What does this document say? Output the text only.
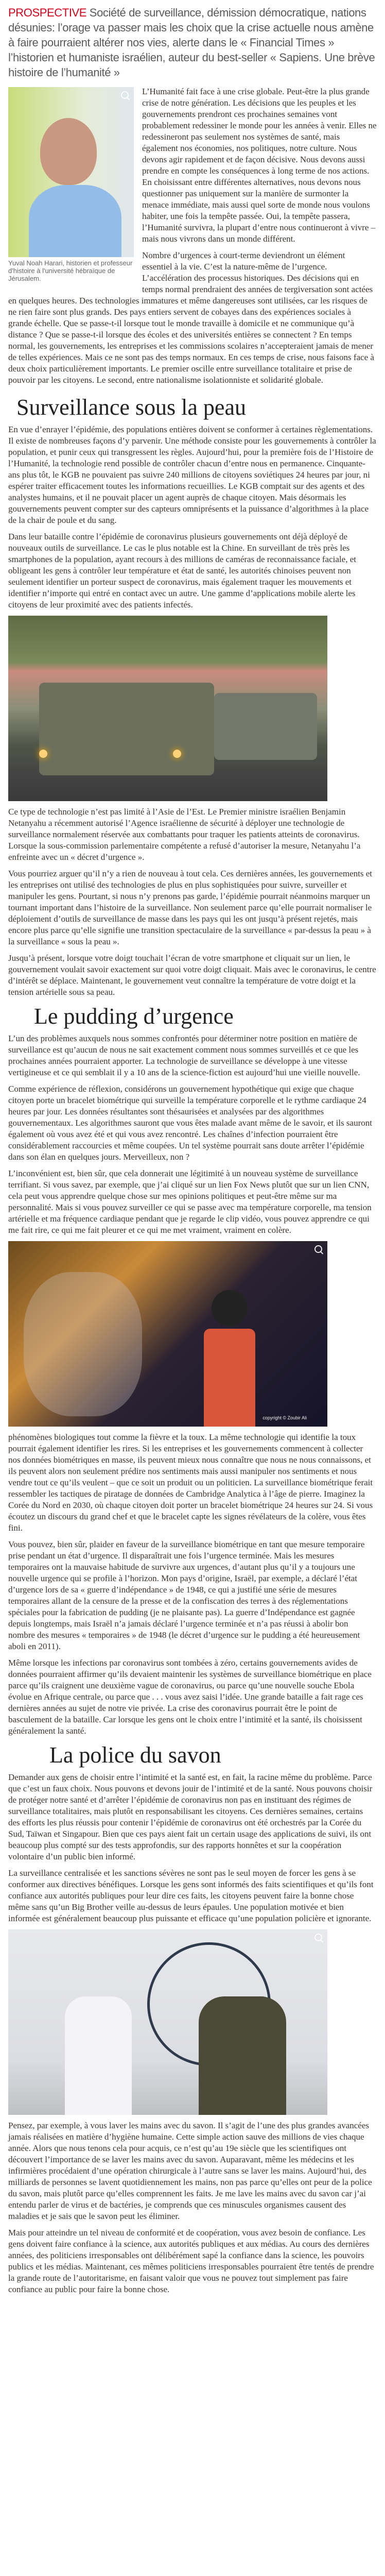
PROSPECTIVE Société de surveillance, démission démocratique, nations désunies: l’orage va passer mais les choix que la crise actuelle nous amène à faire pourraient altérer nos vies, alerte dans le « Financial Times » l’historien et humaniste israélien, auteur du best-seller « Sapiens. Une brève histoire de l’humanité »

Yuval Noah Harari, historien et professeur d'histoire à l'université hébraïque de Jérusalem.

L’Humanité fait face à une crise globale. Peut-être la plus grande crise de notre génération. Les décisions que les peuples et les gouvernements prendront ces prochaines semaines vont probablement redessiner le monde pour les années à venir. Elles ne redessineront pas seulement nos systèmes de santé, mais également nos économies, nos politiques, notre culture. Nous devons agir rapidement et de façon décisive. Nous devons aussi prendre en compte les conséquences à long terme de nos actions. En choisissant entre différentes alternatives, nous devons nous questionner pas uniquement sur la manière de surmonter la menace immédiate, mais aussi quel sorte de monde nous voulons habiter, une fois la tempête passée. Oui, la tempête passera, l’Humanité survivra, la plupart d’entre nous continueront à vivre – mais nous vivrons dans un monde différent.

Nombre d’urgences à court-terme deviendront un élément essentiel à la vie. C’est la nature-même de l’urgence. L’accélération des processus historiques. Des décisions qui en temps normal prendraient des années de tergiversation sont actées en quelques heures. Des technologies immatures et même dangereuses sont utilisées, car les risques de ne rien faire sont plus grands. Des pays entiers servent de cobayes dans des expériences sociales à grande échelle. Que se passe-t-il lorsque tout le monde travaille à domicile et ne communique qu’à distance ? Que se passe-t-il lorsque des écoles et des universités entières se connectent ? En temps normal, les gouvernements, les entreprises et les commissions scolaires n’accepteraient jamais de mener de telles expériences. Mais ce ne sont pas des temps normaux. En ces temps de crise, nous faisons face à deux choix particulièrement importants. Le premier oscille entre surveillance totalitaire et prise de pouvoir par les citoyens. Le second, entre nationalisme isolationniste et solidarité globale.

Surveillance sous la peau

En vue d’enrayer l’épidémie, des populations entières doivent se conformer à certaines règlementations. Il existe de nombreuses façons d’y parvenir. Une méthode consiste pour les gouvernements à contrôler la population, et punir ceux qui transgressent les règles. Aujourd’hui, pour la première fois de l’Histoire de l’Humanité, la technologie rend possible de contrôler chacun d’entre nous en permanence. Cinquante-ans plus tôt, le KGB ne pouvaient pas suivre 240 millions de citoyens soviétiques 24 heures par jour, ni espérer traiter efficacement toutes les informations recueillies. Le KGB comptait sur des agents et des analystes humains, et il ne pouvait placer un agent auprès de chaque citoyen. Mais désormais les gouvernements peuvent compter sur des capteurs omniprésents et la puissance d’algorithmes à la place de la chair de poule et du sang.

Dans leur bataille contre l’épidémie de coronavirus plusieurs gouvernements ont déjà déployé de nouveaux outils de surveillance. Le cas le plus notable est la Chine. En surveillant de très près les smartphones de la population, ayant recours à des millions de caméras de reconnaissance faciale, et obligeant les gens à contrôler leur température et état de santé, les autorités chinoises peuvent non seulement identifier un porteur suspect de coronavirus, mais également traquer les mouvements et identifier n’importe qui entré en contact avec un autre. Une gamme d’applications mobile alerte les citoyens de leur proximité avec des patients infectés.

Ce type de technologie n’est pas limité à l’Asie de l’Est. Le Premier ministre israélien Benjamin Netanyahu a récemment autorisé l’Agence israélienne de sécurité à déployer une technologie de surveillance normalement réservée aux combattants pour traquer les patients atteints de coronavirus. Lorsque la sous-commission parlementaire compétente a refusé d’autoriser la mesure, Netanyahu l’a enfreinte avec un « décret d’urgence ».

Vous pourriez arguer qu’il n’y a rien de nouveau à tout cela. Ces dernières années, les gouvernements et les entreprises ont utilisé des technologies de plus en plus sophistiquées pour suivre, surveiller et manipuler les gens. Pourtant, si nous n’y prenons pas garde, l’épidémie pourrait néanmoins marquer un tournant important dans l’histoire de la surveillance. Non seulement parce qu’elle pourrait normaliser le déploiement d’outils de surveillance de masse dans les pays qui les ont jusqu’à présent rejetés, mais encore plus parce qu’elle signifie une transition spectaculaire de la surveillance « par-dessus la peau » à la surveillance « sous la peau ».

Jusqu’à présent, lorsque votre doigt touchait l’écran de votre smartphone et cliquait sur un lien, le gouvernement voulait savoir exactement sur quoi votre doigt cliquait. Mais avec le coronavirus, le centre d’intérêt se déplace. Maintenant, le gouvernement veut connaître la température de votre doigt et la tension artérielle sous sa peau.

Le pudding d’urgence

L’un des problèmes auxquels nous sommes confrontés pour déterminer notre position en matière de surveillance est qu’aucun de nous ne sait exactement comment nous sommes surveillés et ce que les prochaines années pourraient apporter. La technologie de surveillance se développe à une vitesse vertigineuse et ce qui semblait il y a 10 ans de la science-fiction est aujourd’hui une vieille nouvelle.

Comme expérience de réflexion, considérons un gouvernement hypothétique qui exige que chaque citoyen porte un bracelet biométrique qui surveille la température corporelle et le rythme cardiaque 24 heures par jour. Les données résultantes sont thésaurisées et analysées par des algorithmes gouvernementaux. Les algorithmes sauront que vous êtes malade avant même de le savoir, et ils sauront également où vous avez été et qui vous avez rencontré. Les chaînes d’infection pourraient être considérablement raccourcies et même coupées. Un tel système pourrait sans doute arrêter l’épidémie dans son élan en quelques jours. Merveilleux, non ?

L’inconvénient est, bien sûr, que cela donnerait une légitimité à un nouveau système de surveillance terrifiant. Si vous savez, par exemple, que j’ai cliqué sur un lien Fox News plutôt que sur un lien CNN, cela peut vous apprendre quelque chose sur mes opinions politiques et peut-être même sur ma personnalité. Mais si vous pouvez surveiller ce qui se passe avec ma température corporelle, ma tension artérielle et ma fréquence cardiaque pendant que je regarde le clip vidéo, vous pouvez apprendre ce qui me fait rire, ce qui me fait pleurer et ce qui me met vraiment, vraiment en colère.

copyright © Zoubir Ali

phénomènes biologiques tout comme la fièvre et la toux. La même technologie qui identifie la toux pourrait également identifier les rires. Si les entreprises et les gouvernements commencent à collecter nos données biométriques en masse, ils peuvent mieux nous connaître que nous ne nous connaissons, et ils peuvent alors non seulement prédire nos sentiments mais aussi manipuler nos sentiments et nous vendre tout ce qu’ils veulent – que ce soit un produit ou un politicien. La surveillance biométrique ferait ressembler les tactiques de piratage de données de Cambridge Analytica à l’âge de pierre. Imaginez la Corée du Nord en 2030, où chaque citoyen doit porter un bracelet biométrique 24 heures sur 24. Si vous écoutez un discours du grand chef et que le bracelet capte les signes révélateurs de la colère, vous êtes fini.

Vous pouvez, bien sûr, plaider en faveur de la surveillance biométrique en tant que mesure temporaire prise pendant un état d’urgence. Il disparaîtrait une fois l’urgence terminée. Mais les mesures temporaires ont la mauvaise habitude de survivre aux urgences, d’autant plus qu’il y a toujours une nouvelle urgence qui se profile à l’horizon. Mon pays d’origine, Israël, par exemple, a déclaré l’état d’urgence lors de sa « guerre d’indépendance » de 1948, ce qui a justifié une série de mesures temporaires allant de la censure de la presse et de la confiscation des terres à des réglementations spéciales pour la fabrication de pudding (je ne plaisante pas). La guerre d’Indépendance est gagnée depuis longtemps, mais Israël n’a jamais déclaré l’urgence terminée et n’a pas réussi à abolir bon nombre des mesures « temporaires » de 1948 (le décret d’urgence sur le pudding a été heureusement aboli en 2011).

Même lorsque les infections par coronavirus sont tombées à zéro, certains gouvernements avides de données pourraient affirmer qu’ils devaient maintenir les systèmes de surveillance biométrique en place parce qu’ils craignent une deuxième vague de coronavirus, ou parce qu’une nouvelle souche Ebola évolue en Afrique centrale, ou parce que . . . vous avez saisi l’idée. Une grande bataille a fait rage ces dernières années au sujet de notre vie privée. La crise des coronavirus pourrait être le point de basculement de la bataille. Car lorsque les gens ont le choix entre l’intimité et la santé, ils choisissent généralement la santé.

La police du savon

Demander aux gens de choisir entre l’intimité et la santé est, en fait, la racine même du problème. Parce que c’est un faux choix. Nous pouvons et devons jouir de l’intimité et de la santé. Nous pouvons choisir de protéger notre santé et d’arrêter l’épidémie de coronavirus non pas en instituant des régimes de surveillance totalitaires, mais plutôt en responsabilisant les citoyens. Ces dernières semaines, certains des efforts les plus réussis pour contenir l’épidémie de coronavirus ont été orchestrés par la Corée du Sud, Taïwan et Singapour. Bien que ces pays aient fait un certain usage des applications de suivi, ils ont beaucoup plus compté sur des tests approfondis, sur des rapports honnêtes et sur la coopération volontaire d’un public bien informé.

La surveillance centralisée et les sanctions sévères ne sont pas le seul moyen de forcer les gens à se conformer aux directives bénéfiques. Lorsque les gens sont informés des faits scientifiques et qu’ils font confiance aux autorités publiques pour leur dire ces faits, les citoyens peuvent faire la bonne chose même sans qu’un Big Brother veille au-dessus de leurs épaules. Une population motivée et bien informée est généralement beaucoup plus puissante et efficace qu’une population policière et ignorante.

Pensez, par exemple, à vous laver les mains avec du savon. Il s’agit de l’une des plus grandes avancées jamais réalisées en matière d’hygiène humaine. Cette simple action sauve des millions de vies chaque année. Alors que nous tenons cela pour acquis, ce n’est qu’au 19e siècle que les scientifiques ont découvert l’importance de se laver les mains avec du savon. Auparavant, même les médecins et les infirmières procédaient d’une opération chirurgicale à l’autre sans se laver les mains. Aujourd’hui, des milliards de personnes se lavent quotidiennement les mains, non pas parce qu’elles ont peur de la police du savon, mais plutôt parce qu’elles comprennent les faits. Je me lave les mains avec du savon car j’ai entendu parler de virus et de bactéries, je comprends que ces minuscules organismes causent des maladies et je sais que le savon peut les éliminer.

Mais pour atteindre un tel niveau de conformité et de coopération, vous avez besoin de confiance. Les gens doivent faire confiance à la science, aux autorités publiques et aux médias. Au cours des dernières années, des politiciens irresponsables ont délibérément sapé la confiance dans la science, les pouvoirs publics et les médias. Maintenant, ces mêmes politiciens irresponsables pourraient être tentés de prendre la grande route de l’autoritarisme, en faisant valoir que vous ne pouvez tout simplement pas faire confiance au public pour faire la bonne chose.
